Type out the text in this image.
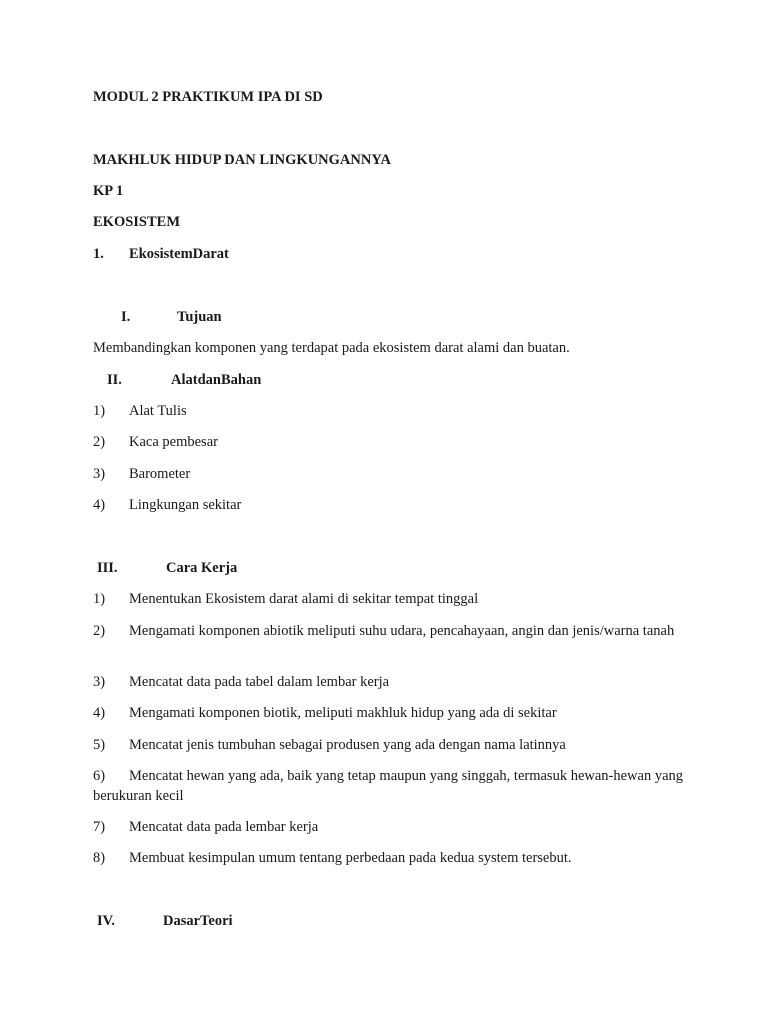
MODUL 2 PRAKTIKUM IPA DI SD
MAKHLUK HIDUP DAN LINGKUNGANNYA
KP 1
EKOSISTEM
1. EkosistemDarat
I.	Tujuan
Membandingkan komponen yang terdapat pada ekosistem darat alami dan buatan.
II.	AlatdanBahan
1) Alat Tulis
2) Kaca pembesar
3) Barometer
4) Lingkungan sekitar
III.	Cara Kerja
1) Menentukan Ekosistem darat alami di sekitar tempat tinggal
2)	Mengamati komponen abiotik meliputi suhu udara, pencahayaan, angin dan jenis/warna tanah
3) Mencatat data pada tabel dalam lembar kerja
4) Mengamati komponen biotik, meliputi makhluk hidup yang ada di sekitar
5) Mencatat jenis tumbuhan sebagai produsen yang ada dengan nama latinnya
6)	Mencatat hewan yang ada, baik yang tetap maupun yang singgah, termasuk hewan-hewan yang berukuran kecil
7) Mencatat data pada lembar kerja
8) Membuat kesimpulan umum tentang perbedaan pada kedua system tersebut.
IV.	DasarTeori
